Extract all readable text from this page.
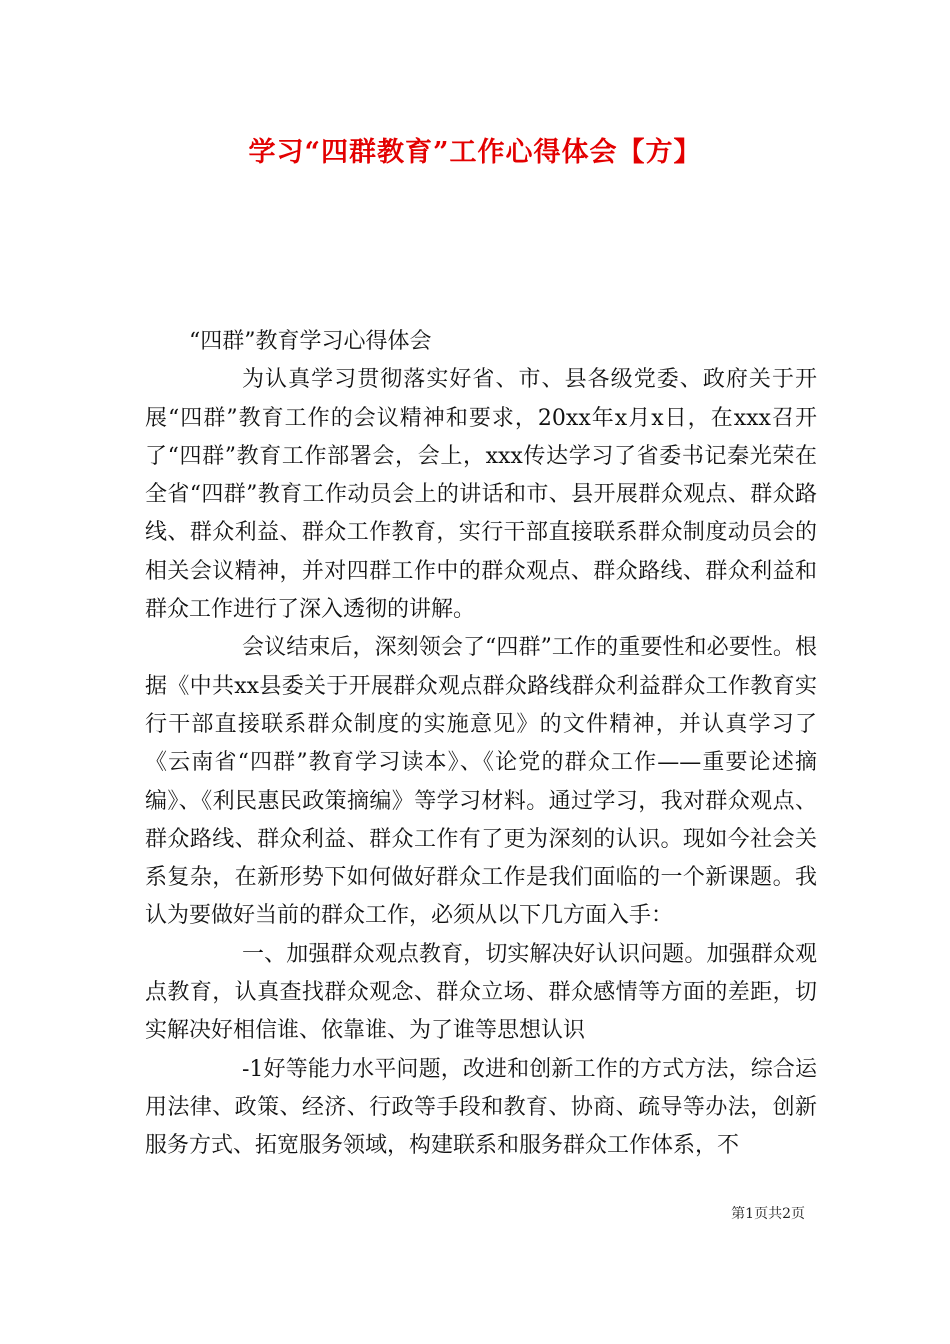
学习“四群教育”工作心得体会【方】

“四群”教育学习心得体会

为认真学习贯彻落实好省、市、县各级党委、政府关于开展“四群”教育工作的会议精神和要求，20xx年x月x日，在xxx召开了“四群”教育工作部署会，会上，xxx传达学习了省委书记秦光荣在全省“四群”教育工作动员会上的讲话和市、县开展群众观点、群众路线、群众利益、群众工作教育，实行干部直接联系群众制度动员会的相关会议精神，并对四群工作中的群众观点、群众路线、群众利益和群众工作进行了深入透彻的讲解。

会议结束后，深刻领会了“四群”工作的重要性和必要性。根据《中共xx县委关于开展群众观点群众路线群众利益群众工作教育实行干部直接联系群众制度的实施意见》的文件精神，并认真学习了《云南省“四群”教育学习读本》、《论党的群众工作——重要论述摘编》、《利民惠民政策摘编》等学习材料。通过学习，我对群众观点、群众路线、群众利益、群众工作有了更为深刻的认识。现如今社会关系复杂，在新形势下如何做好群众工作是我们面临的一个新课题。我认为要做好当前的群众工作，必须从以下几方面入手：

一、加强群众观点教育，切实解决好认识问题。加强群众观点教育，认真查找群众观念、群众立场、群众感情等方面的差距，切实解决好相信谁、依靠谁、为了谁等思想认识

-1好等能力水平问题，改进和创新工作的方式方法，综合运用法律、政策、经济、行政等手段和教育、协商、疏导等办法，创新服务方式、拓宽服务领域，构建联系和服务群众工作体系，不

第1页共2页
